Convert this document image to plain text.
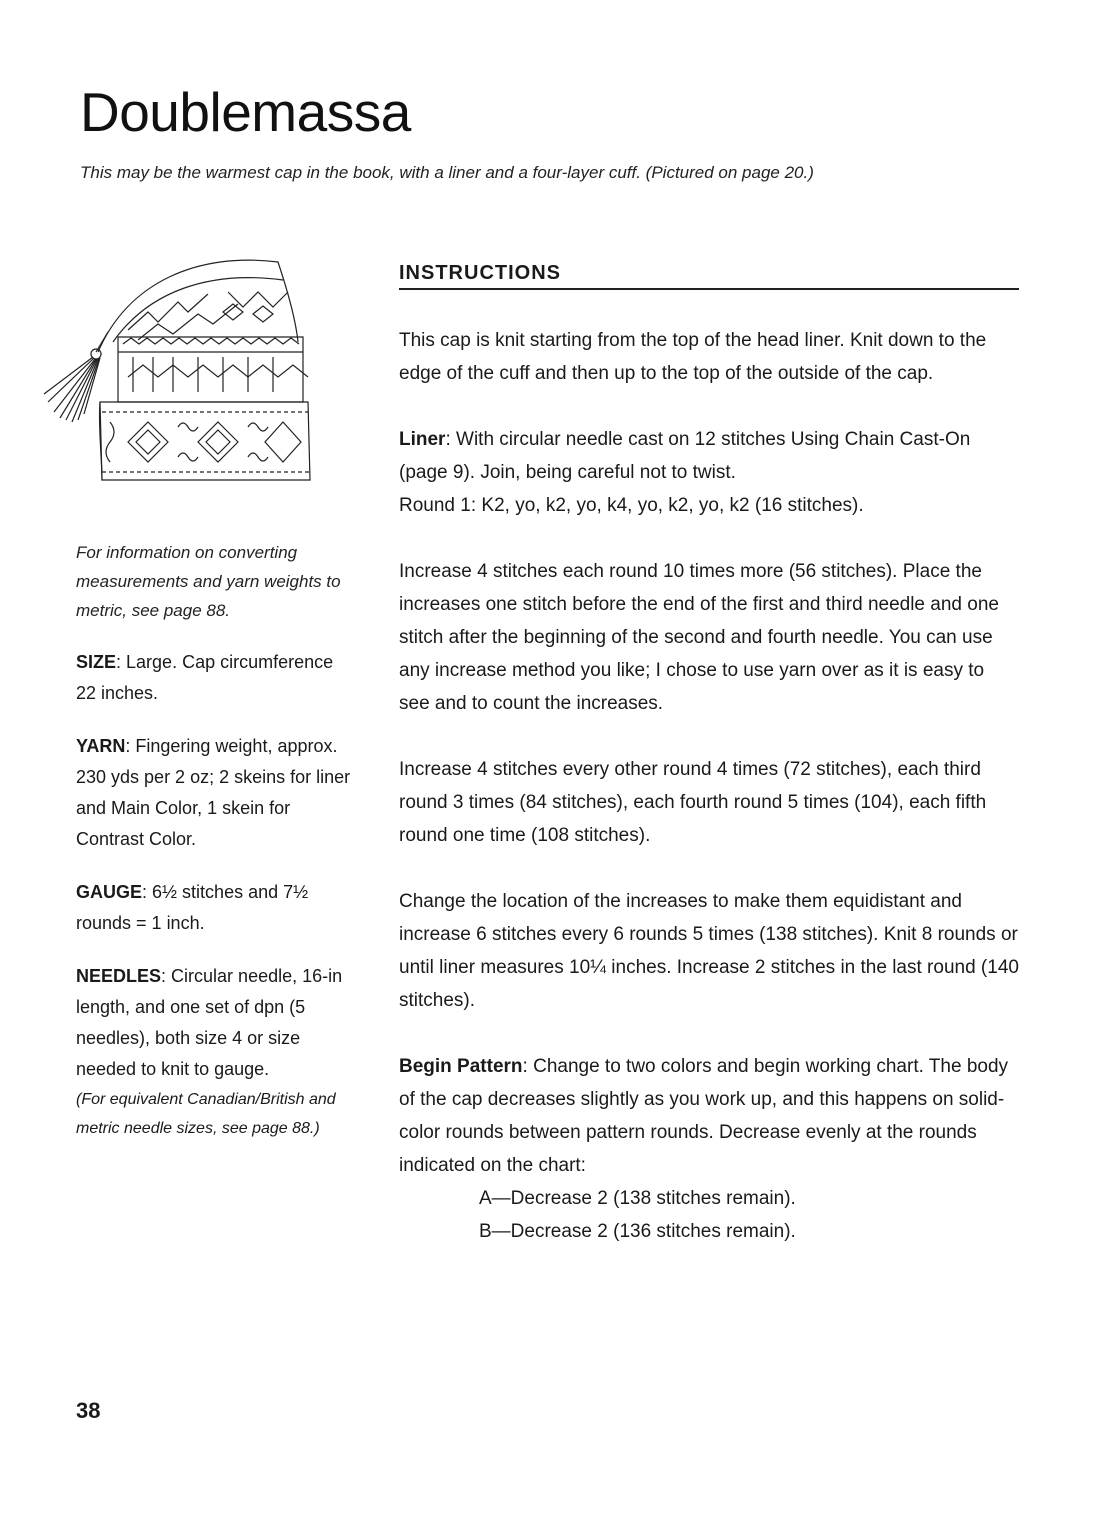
Doublemassa
This may be the warmest cap in the book, with a liner and a four-layer cuff. (Pictured on page 20.)

For information on converting measurements and yarn weights to metric, see page 88.

SIZE: Large. Cap circumference 22 inches.

YARN: Fingering weight, approx. 230 yds per 2 oz; 2 skeins for liner and Main Color, 1 skein for Contrast Color.

GAUGE: 6½ stitches and 7½ rounds = 1 inch.

NEEDLES: Circular needle, 16-in length, and one set of dpn (5 needles), both size 4 or size needed to knit to gauge.
(For equivalent Canadian/British and metric needle sizes, see page 88.)

INSTRUCTIONS

This cap is knit starting from the top of the head liner. Knit down to the edge of the cuff and then up to the top of the outside of the cap.

Liner: With circular needle cast on 12 stitches Using Chain Cast-On (page 9). Join, being careful not to twist.
Round 1: K2, yo, k2, yo, k4, yo, k2, yo, k2 (16 stitches).

Increase 4 stitches each round 10 times more (56 stitches). Place the increases one stitch before the end of the first and third needle and one stitch after the beginning of the second and fourth needle. You can use any increase method you like; I chose to use yarn over as it is easy to see and to count the increases.

Increase 4 stitches every other round 4 times (72 stitches), each third round 3 times (84 stitches), each fourth round 5 times (104), each fifth round one time (108 stitches).

Change the location of the increases to make them equidistant and increase 6 stitches every 6 rounds 5 times (138 stitches). Knit 8 rounds or until liner measures 10¼ inches. Increase 2 stitches in the last round (140 stitches).

Begin Pattern: Change to two colors and begin working chart. The body of the cap decreases slightly as you work up, and this happens on solid-color rounds between pattern rounds. Decrease evenly at the rounds indicated on the chart:

A—Decrease 2 (138 stitches remain).
B—Decrease 2 (136 stitches remain).
38
